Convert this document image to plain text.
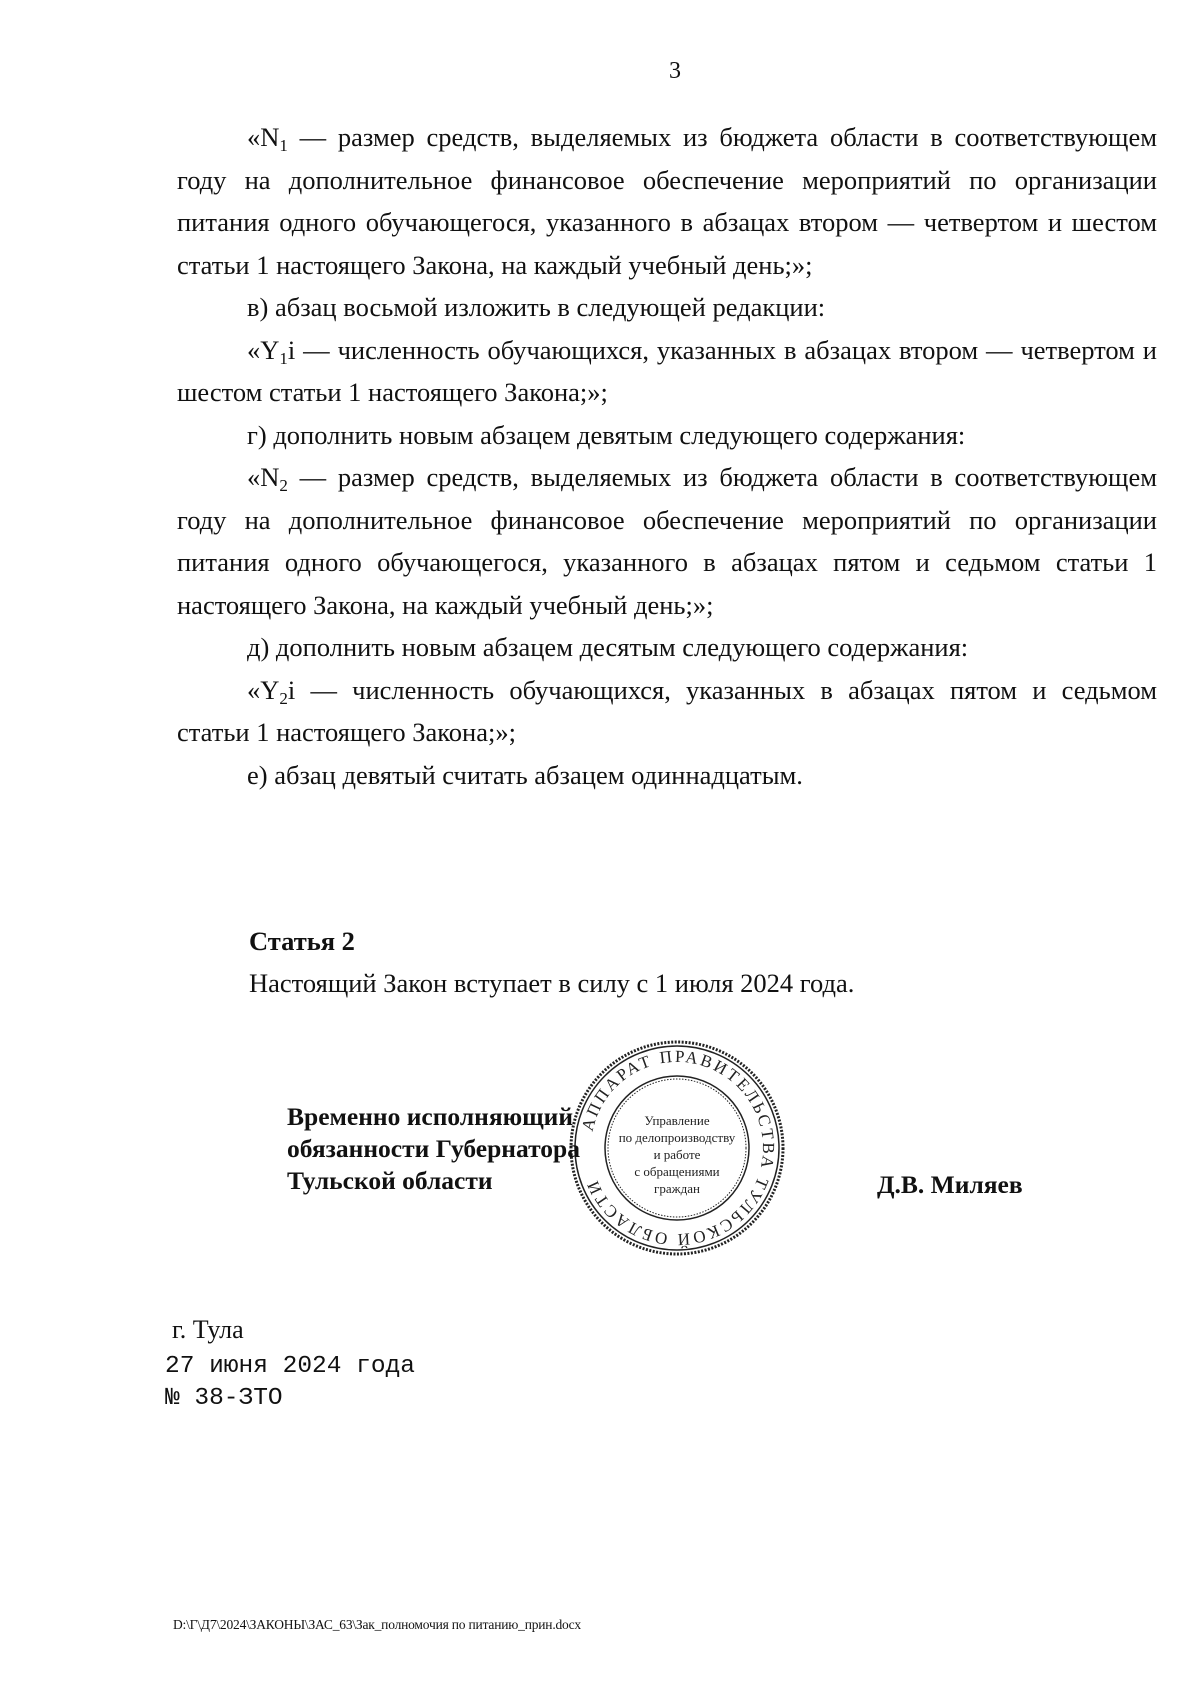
3

«$N_1$ — размер средств, выделяемых из бюджета области в соответствующем году на дополнительное финансовое обеспечение мероприятий по организации питания одного обучающегося, указанного в абзацах втором — четвертом и шестом статьи 1 настоящего Закона, на каждый учебный день;»;

в) абзац восьмой изложить в следующей редакции:

«$Y_1i$ — численность обучающихся, указанных в абзацах втором — четвертом и шестом статьи 1 настоящего Закона;»;

г) дополнить новым абзацем девятым следующего содержания:

«$N_2$ — размер средств, выделяемых из бюджета области в соответствующем году на дополнительное финансовое обеспечение мероприятий по организации питания одного обучающегося, указанного в абзацах пятом и седьмом статьи 1 настоящего Закона, на каждый учебный день;»;

д) дополнить новым абзацем десятым следующего содержания:

«$Y_2i$ — численность обучающихся, указанных в абзацах пятом и седьмом статьи 1 настоящего Закона;»;

е) абзац девятый считать абзацем одиннадцатым.

Статья 2
Настоящий Закон вступает в силу с 1 июля 2024 года.
АППАРАТ ПРАВИТЕЛЬСТВА ТУЛЬСКОЙ ОБЛАСТИ
Управление
по делопроизводству
и работе
с обращениями
граждан
Временно исполняющий
обязанности Губернатора
Тульской области	Д.В. Миляев
г. Тула
27 июня 2024 года
№ 38-ЗТО
D:\Г\Д7\2024\ЗАКОНЫ\ЗАС_63\Зак_полномочия по питанию_прин.docx
